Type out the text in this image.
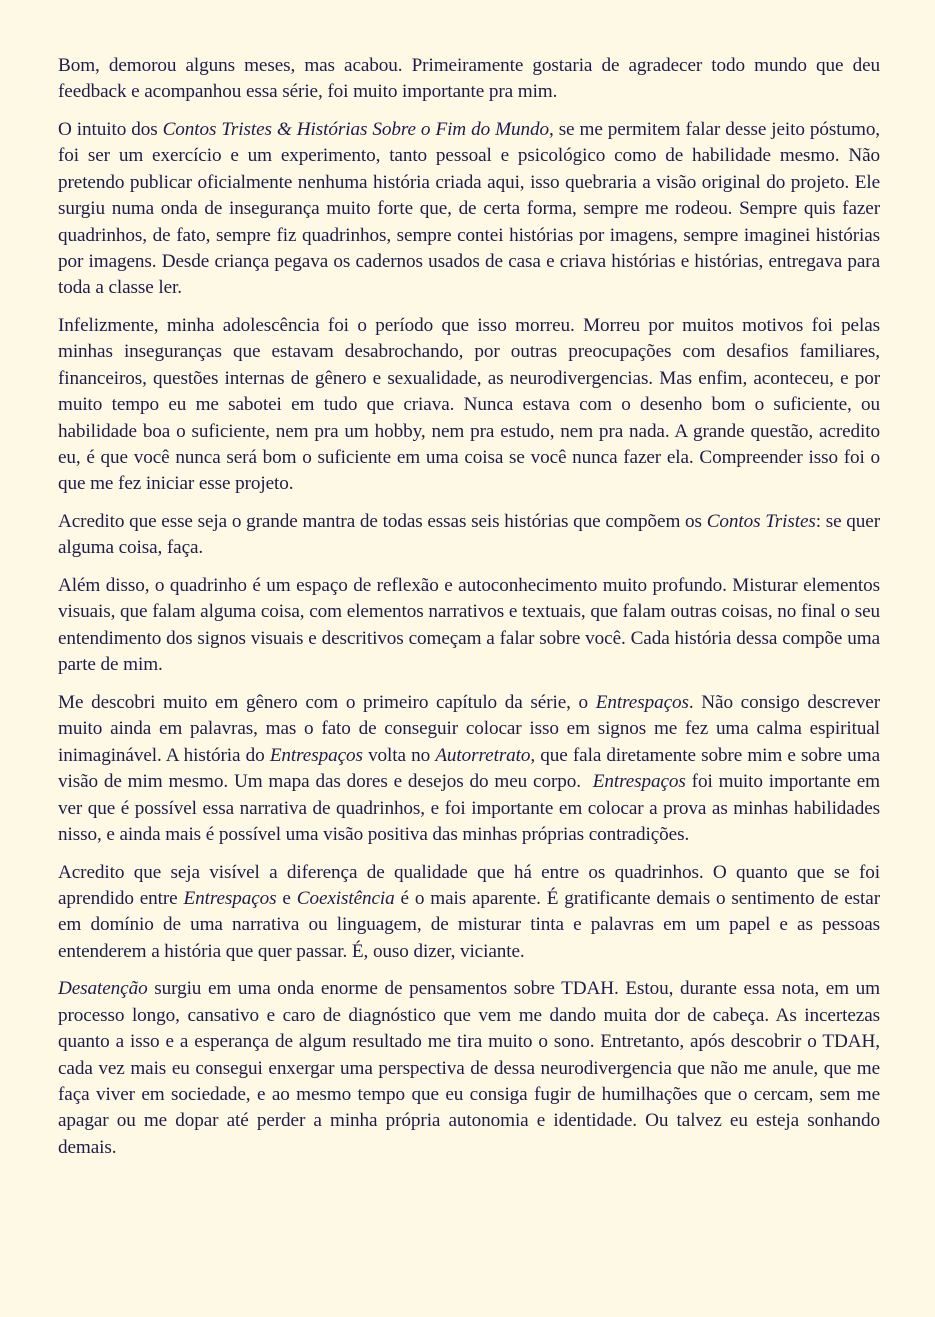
Bom, demorou alguns meses, mas acabou. Primeiramente gostaria de agradecer todo mundo que deu feedback e acompanhou essa série, foi muito importante pra mim.

O intuito dos Contos Tristes & Histórias Sobre o Fim do Mundo, se me permitem falar desse jeito póstumo, foi ser um exercício e um experimento, tanto pessoal e psicológico como de habilidade mesmo. Não pretendo publicar oficialmente nenhuma história criada aqui, isso quebraria a visão original do projeto. Ele surgiu numa onda de insegurança muito forte que, de certa forma, sempre me rodeou. Sempre quis fazer quadrinhos, de fato, sempre fiz quadrinhos, sempre contei histórias por imagens, sempre imaginei histórias por imagens. Desde criança pegava os cadernos usados de casa e criava histórias e histórias, entregava para toda a classe ler.

Infelizmente, minha adolescência foi o período que isso morreu. Morreu por muitos motivos foi pelas minhas inseguranças que estavam desabrochando, por outras preocupações com desafios familiares, financeiros, questões internas de gênero e sexualidade, as neurodivergencias. Mas enfim, aconteceu, e por muito tempo eu me sabotei em tudo que criava. Nunca estava com o desenho bom o suficiente, ou habilidade boa o suficiente, nem pra um hobby, nem pra estudo, nem pra nada. A grande questão, acredito eu, é que você nunca será bom o suficiente em uma coisa se você nunca fazer ela. Compreender isso foi o que me fez iniciar esse projeto.

Acredito que esse seja o grande mantra de todas essas seis histórias que compõem os Contos Tristes: se quer alguma coisa, faça.

Além disso, o quadrinho é um espaço de reflexão e autoconhecimento muito profundo. Misturar elementos visuais, que falam alguma coisa, com elementos narrativos e textuais, que falam outras coisas, no final o seu entendimento dos signos visuais e descritivos começam a falar sobre você. Cada história dessa compõe uma parte de mim.

Me descobri muito em gênero com o primeiro capítulo da série, o Entrespaços. Não consigo descrever muito ainda em palavras, mas o fato de conseguir colocar isso em signos me fez uma calma espiritual inimaginável. A história do Entrespaços volta no Autorretrato, que fala diretamente sobre mim e sobre uma visão de mim mesmo. Um mapa das dores e desejos do meu corpo.  Entrespaços foi muito importante em ver que é possível essa narrativa de quadrinhos, e foi importante em colocar a prova as minhas habilidades nisso, e ainda mais é possível uma visão positiva das minhas próprias contradições.

Acredito que seja visível a diferença de qualidade que há entre os quadrinhos. O quanto que se foi aprendido entre Entrespaços e Coexistência é o mais aparente. É gratificante demais o sentimento de estar em domínio de uma narrativa ou linguagem, de misturar tinta e palavras em um papel e as pessoas entenderem a história que quer passar. É, ouso dizer, viciante.

Desatenção surgiu em uma onda enorme de pensamentos sobre TDAH. Estou, durante essa nota, em um processo longo, cansativo e caro de diagnóstico que vem me dando muita dor de cabeça. As incertezas quanto a isso e a esperança de algum resultado me tira muito o sono. Entretanto, após descobrir o TDAH, cada vez mais eu consegui enxergar uma perspectiva de dessa neurodivergencia que não me anule, que me faça viver em sociedade, e ao mesmo tempo que eu consiga fugir de humilhações que o cercam, sem me apagar ou me dopar até perder a minha própria autonomia e identidade. Ou talvez eu esteja sonhando demais.
